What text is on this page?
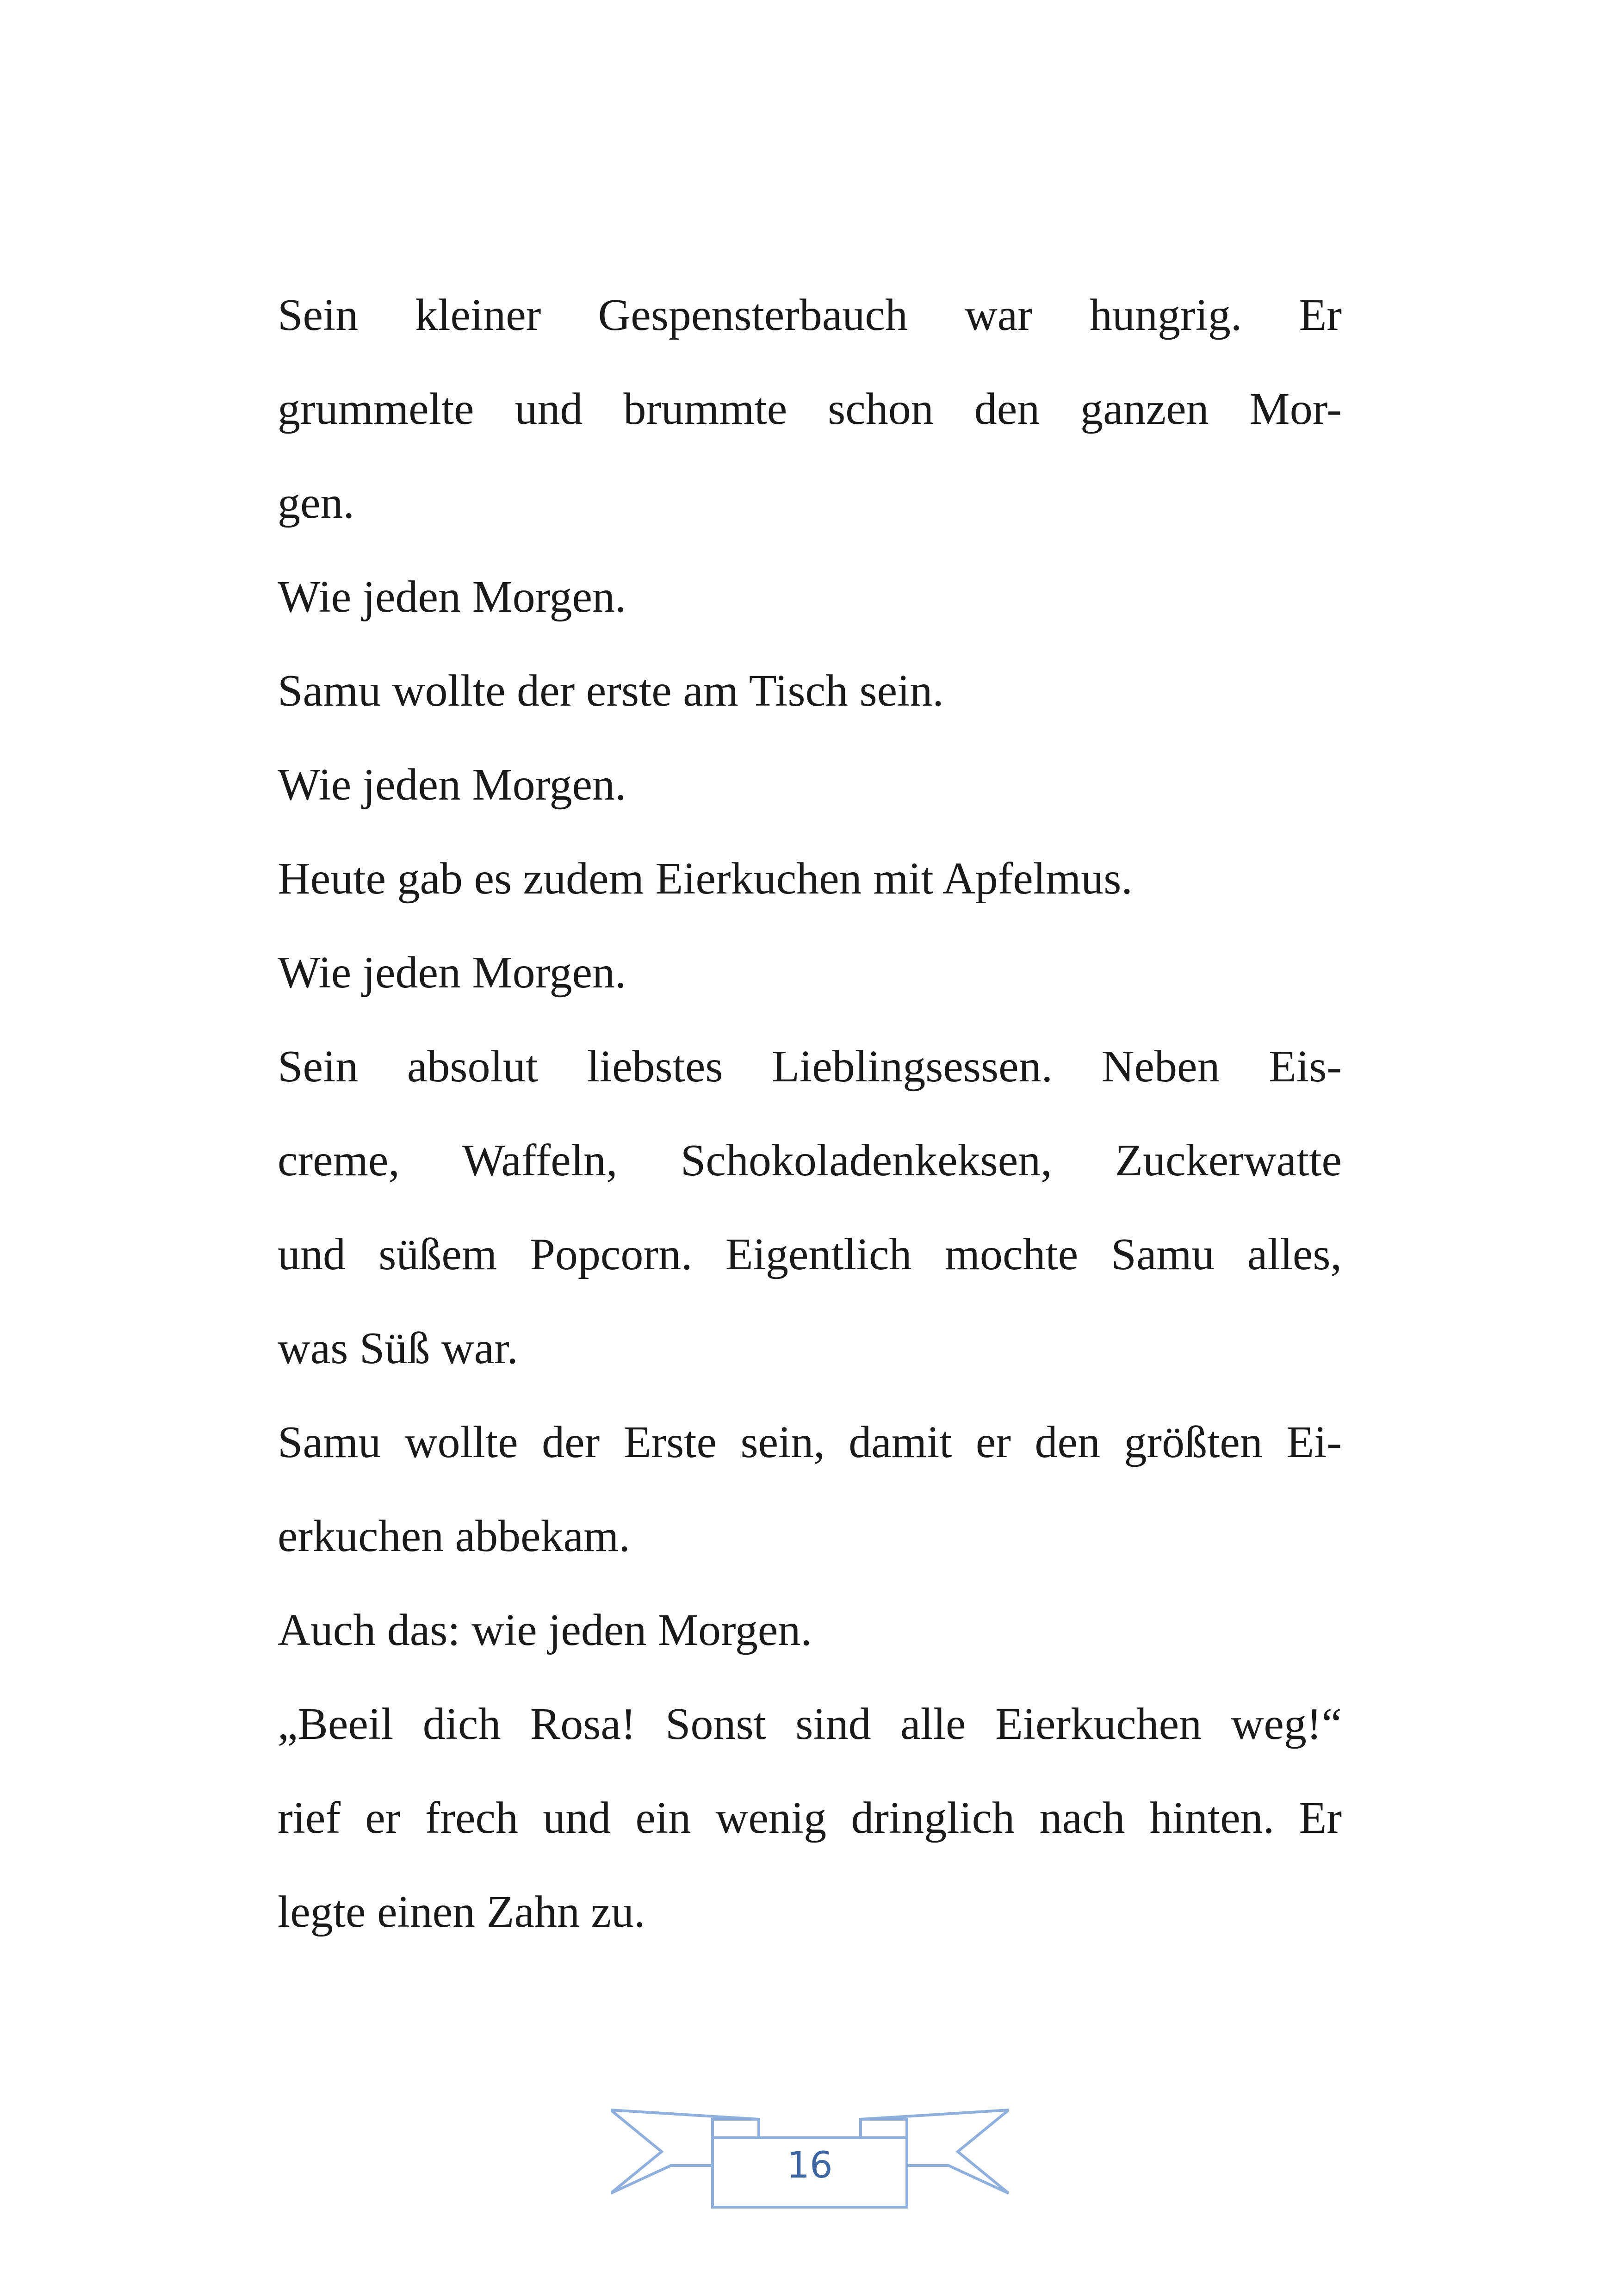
Sein kleiner Gespensterbauch war hungrig. Er
grummelte und brummte schon den ganzen Mor-
gen.
Wie jeden Morgen.
Samu wollte der erste am Tisch sein.
Wie jeden Morgen.
Heute gab es zudem Eierkuchen mit Apfelmus.
Wie jeden Morgen.
Sein absolut liebstes Lieblingsessen. Neben Eis-
creme, Waffeln, Schokoladenkeksen, Zuckerwatte
und süßem Popcorn. Eigentlich mochte Samu alles,
was Süß war.
Samu wollte der Erste sein, damit er den größten Ei-
erkuchen abbekam.
Auch das: wie jeden Morgen.
„Beeil dich Rosa! Sonst sind alle Eierkuchen weg!“
rief er frech und ein wenig dringlich nach hinten. Er
legte einen Zahn zu.
16
